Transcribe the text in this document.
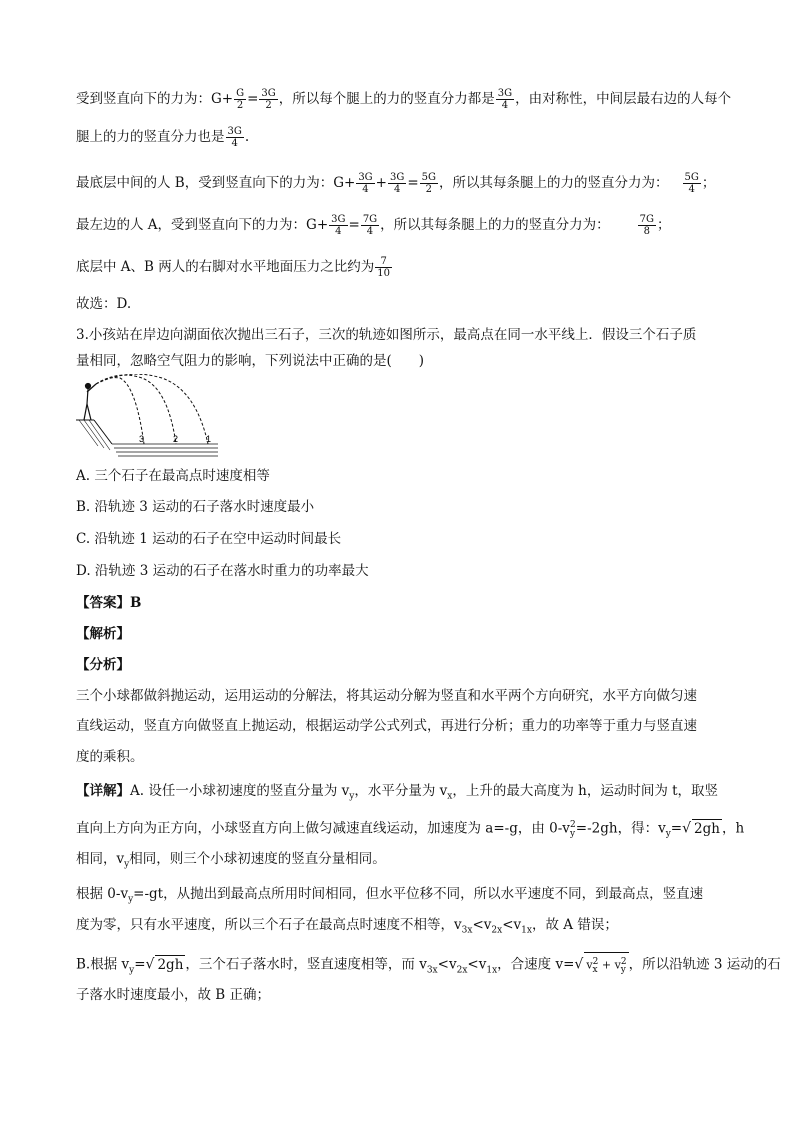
受到竖直向下的力为：$G+ \frac{G}{2} = \frac{3G}{2}$ ，所以每个腿上的力的竖直分力都是 $\frac{3G}{4}$ ，由对称性，中间层最右边的人每个
腿上的力的竖直分力也是 $\frac{3G}{4}$ .
最底层中间的人 B，受到竖直向下的力为：$G+ \frac{3G}{4} + \frac{3G}{4} = \frac{5G}{2}$ ，所以其每条腿上的力的竖直分力为： $\frac{5G}{4}$ ；
最左边的人 A，受到竖直向下的力为：$G+ \frac{3G}{4} = \frac{7G}{4}$ ，所以其每条腿上的力的竖直分力为：	$\frac{7G}{8}$ ；
底层中 A、B 两人的右脚对水平地面压力之比约为 $\frac{7}{10}$
故选：D.
3.小孩站在岸边向湖面依次抛出三石子，三次的轨迹如图所示，最高点在同一水平线上．假设三个石子质
量相同，忽略空气阻力的影响，下列说法中正确的是(　　)
3	2	1
A. 三个石子在最高点时速度相等
B. 沿轨迹 3 运动的石子落水时速度最小
C. 沿轨迹 1 运动的石子在空中运动时间最长
D. 沿轨迹 3 运动的石子在落水时重力的功率最大
【答案】B
【解析】
【分析】
三个小球都做斜抛运动，运用运动的分解法，将其运动分解为竖直和水平两个方向研究，水平方向做匀速
直线运动，竖直方向做竖直上抛运动，根据运动学公式列式，再进行分析；重力的功率等于重力与竖直速
度的乘积。
【详解】A. 设任一小球初速度的竖直分量为 $v_y$，水平分量为 $v_x$，上升的最大高度为 h，运动时间为 t，取竖
直向上方向为正方向，小球竖直方向上做匀减速直线运动，加速度为 a=-g，由 $0-v_y^2=-2gh$，得：$v_y=√$ 2gh ，h
相同，$v_y$相同，则三个小球初速度的竖直分量相同。
根据 $0-v_y=-gt$，从抛出到最高点所用时间相同，但水平位移不同，所以水平速度不同，到最高点，竖直速
度为零，只有水平速度，所以三个石子在最高点时速度不相等，$v_{3x}<v_{2x}<v_{1x}$，故 A 错误；
B.根据 $v_y=√$ 2gh ，三个石子落水时，竖直速度相等，而 $v_{3x}<v_{2x}<v_{1x}$，合速度 v=√ $v_x^2 + v_y^2$ ，所以沿轨迹 3 运动的石
子落水时速度最小，故 B 正确；
